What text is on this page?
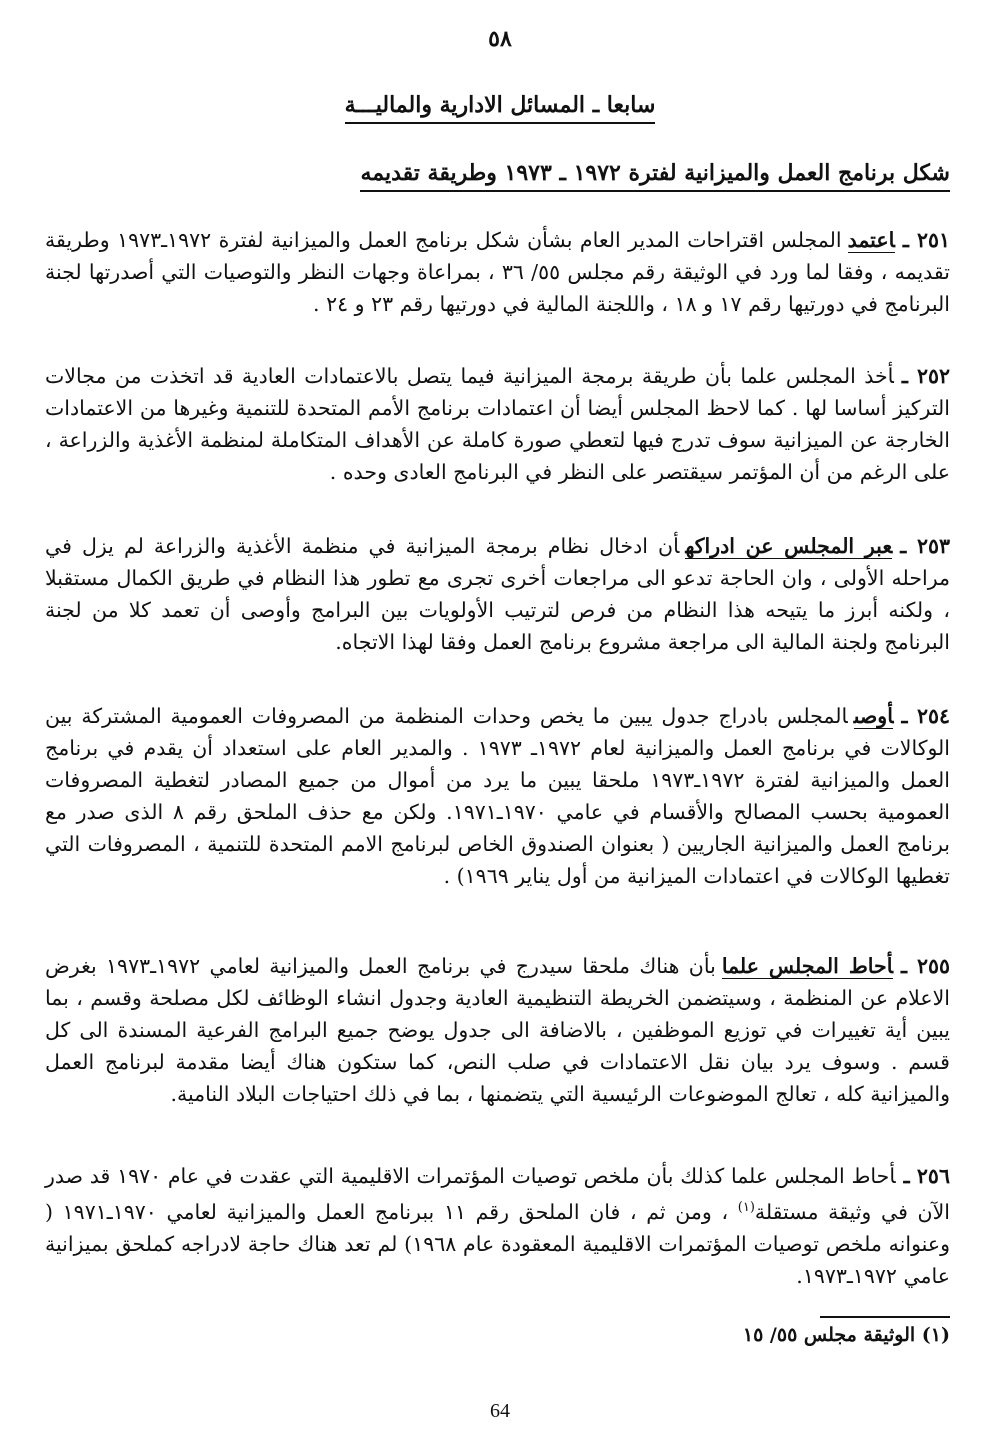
٥٨
سابعا ـ المسائل الادارية والماليـــة
شكل برنامج العمل والميزانية لفترة ١٩٧٢ ـ ١٩٧٣ وطريقة تقديمه
٢٥١ ـاعتمدالمجلس اقتراحات المدير العام بشأن شكل برنامج العمل والميزانية لفترة ١٩٧٢ـ١٩٧٣ وطريقة تقديمه ، وفقا لما ورد في الوثيقة رقم مجلس ٥٥/ ٣٦ ، بمراعاة وجهات النظر والتوصيات التي أصدرتها لجنة البرنامج في دورتيها رقم ١٧ و ١٨ ، واللجنة المالية في دورتيها رقم ٢٣ و ٢٤ .
٢٥٢ ـأخذ المجلس علما بأن طريقة برمجة الميزانية فيما يتصل بالاعتمادات العادية قد اتخذت من مجالات التركيز أساسا لها . كما لاحظ المجلس أيضا أن اعتمادات برنامج الأمم المتحدة للتنمية وغيرها من الاعتمادات الخارجة عن الميزانية سوف تدرج فيها لتعطي صورة كاملة عن الأهداف المتكاملة لمنظمة الأغذية والزراعة ، على الرغم من أن المؤتمر سيقتصر على النظر في البرنامج العادى وحده .
٢٥٣ ـعبر المجلس عن ادراكهأن ادخال نظام برمجة الميزانية في منظمة الأغذية والزراعة لم يزل في مراحله الأولى ، وان الحاجة تدعو الى مراجعات أخرى تجرى مع تطور هذا النظام في طريق الكمال مستقبلا ، ولكنه أبرز ما يتيحه هذا النظام من فرص لترتيب الأولويات بين البرامج وأوصى أن تعمد كلا من لجنة البرنامج ولجنة المالية الى مراجعة مشروع برنامج العمل وفقا لهذا الاتجاه.
٢٥٤ ـأوصىالمجلس بادراج جدول يبين ما يخص وحدات المنظمة من المصروفات العمومية المشتركة بين الوكالات في برنامج العمل والميزانية لعام ١٩٧٢ـ ١٩٧٣ . والمدير العام على استعداد أن يقدم في برنامج العمل والميزانية لفترة ١٩٧٢ـ١٩٧٣ ملحقا يبين ما يرد من أموال من جميع المصادر لتغطية المصروفات العمومية بحسب المصالح والأقسام في عامي ١٩٧٠ـ١٩٧١. ولكن مع حذف الملحق رقم ٨ الذى صدر مع برنامج العمل والميزانية الجاريين ( بعنوان الصندوق الخاص لبرنامج الامم المتحدة للتنمية ، المصروفات التي تغطيها الوكالات في اعتمادات الميزانية من أول يناير ١٩٦٩) .
٢٥٥ ـأحاط المجلس علمابأن هناك ملحقا سيدرج في برنامج العمل والميزانية لعامي ١٩٧٢ـ١٩٧٣ بغرض الاعلام عن المنظمة ، وسيتضمن الخريطة التنظيمية العادية وجدول انشاء الوظائف لكل مصلحة وقسم ، بما يبين أية تغييرات في توزيع الموظفين ، بالاضافة الى جدول يوضح جميع البرامج الفرعية المسندة الى كل قسم . وسوف يرد بيان نقل الاعتمادات في صلب النص، كما ستكون هناك أيضا مقدمة لبرنامج العمل والميزانية كله ، تعالج الموضوعات الرئيسية التي يتضمنها ، بما في ذلك احتياجات البلاد النامية.
٢٥٦ ـأحاط المجلس علما كذلك بأن ملخص توصيات المؤتمرات الاقليمية التي عقدت في عام ١٩٧٠ قد صدر الآن في وثيقة مستقلة$^{(١)}$ ، ومن ثم ، فان الملحق رقم ١١ ببرنامج العمل والميزانية لعامي ١٩٧٠ـ١٩٧١ ( وعنوانه ملخص توصيات المؤتمرات الاقليمية المعقودة عام ١٩٦٨) لم تعد هناك حاجة لادراجه كملحق بميزانية عامي ١٩٧٢ـ١٩٧٣.
(١) الوثيقة مجلس ٥٥/ ١٥
64
